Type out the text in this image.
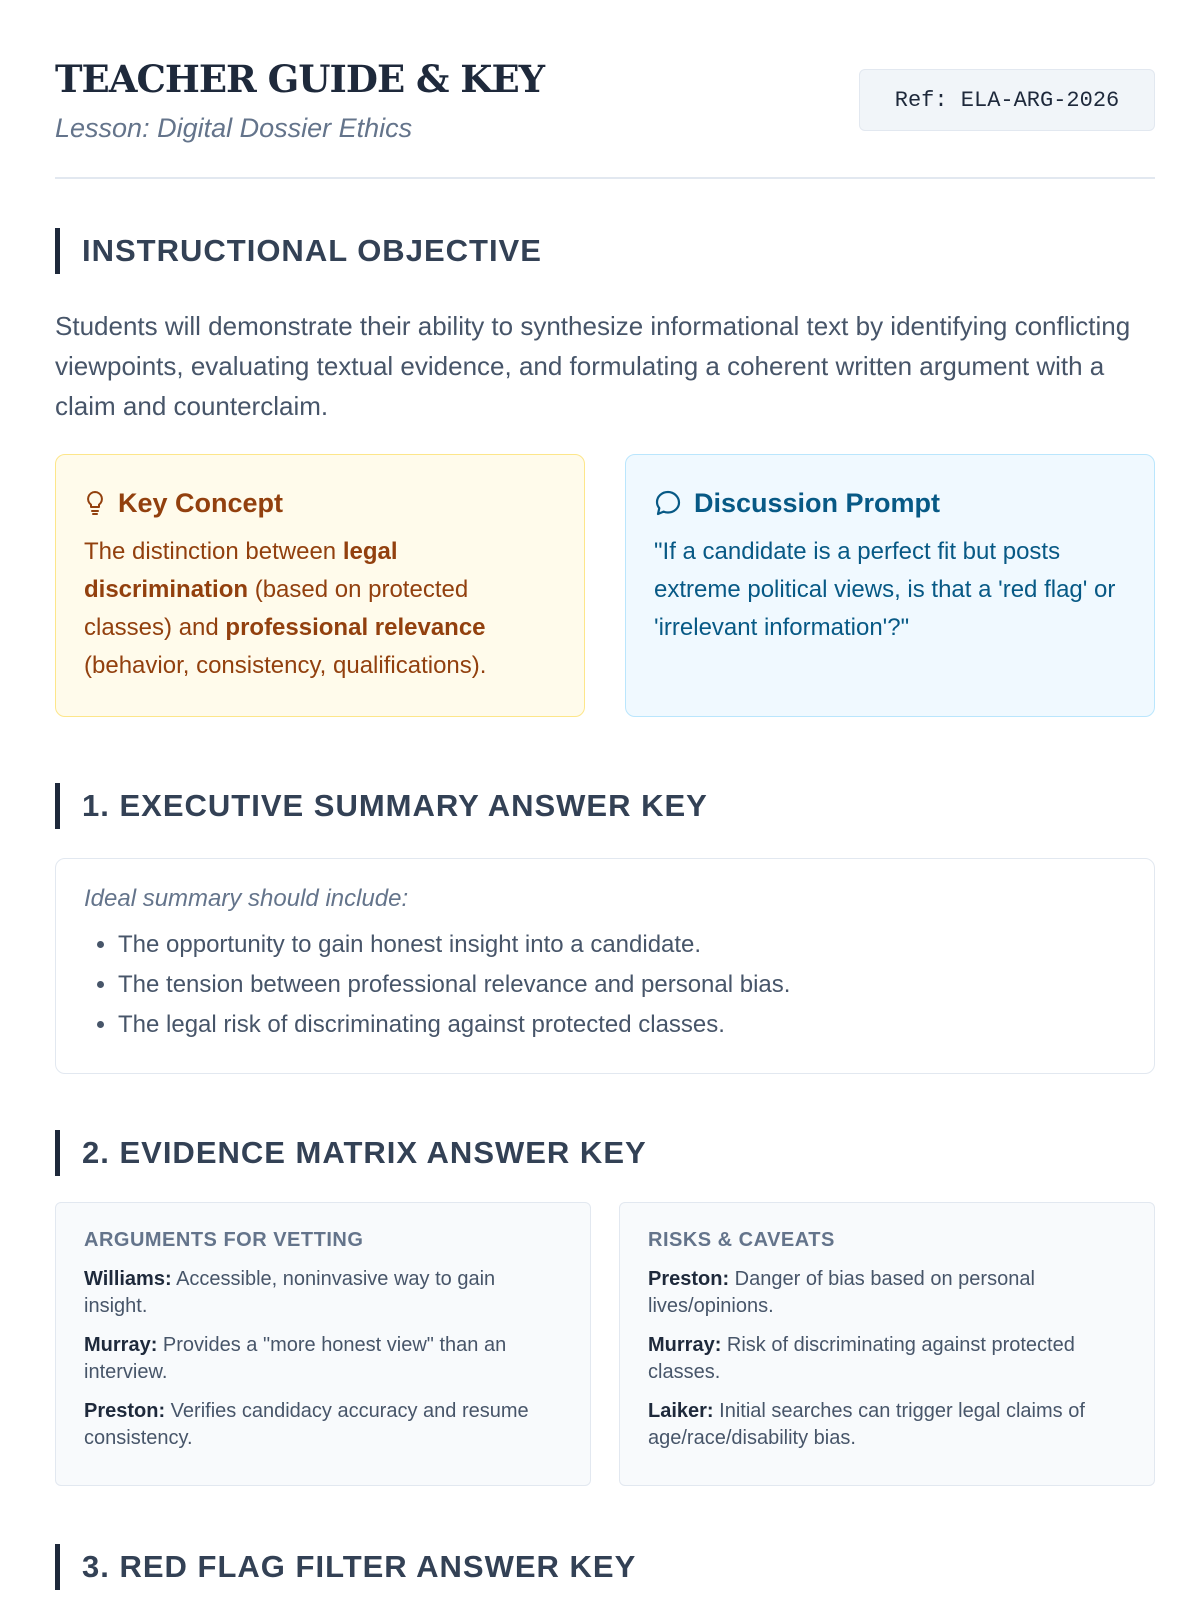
TEACHER GUIDE & KEY
Lesson: Digital Dossier Ethics
Ref: ELA-ARG-2026
INSTRUCTIONAL OBJECTIVE

Students will demonstrate their ability to synthesize informational text by identifying conflicting viewpoints, evaluating textual evidence, and formulating a coherent written argument with a claim and counterclaim.

Key Concept

The distinction between legal discrimination (based on protected classes) and professional relevance (behavior, consistency, qualifications).

Discussion Prompt

"If a candidate is a perfect fit but posts extreme political views, is that a 'red flag' or 'irrelevant information'?"

1. EXECUTIVE SUMMARY ANSWER KEY

Ideal summary should include:

• The opportunity to gain honest insight into a candidate.
• The tension between professional relevance and personal bias.
• The legal risk of discriminating against protected classes.
2. EVIDENCE MATRIX ANSWER KEY
ARGUMENTS FOR VETTING

Williams: Accessible, noninvasive way to gain insight.

Murray: Provides a "more honest view" than an interview.

Preston: Verifies candidacy accuracy and resume consistency.

RISKS & CAVEATS

Preston: Danger of bias based on personal lives/opinions.

Murray: Risk of discriminating against protected classes.

Laiker: Initial searches can trigger legal claims of age/race/disability bias.

3. RED FLAG FILTER ANSWER KEY
